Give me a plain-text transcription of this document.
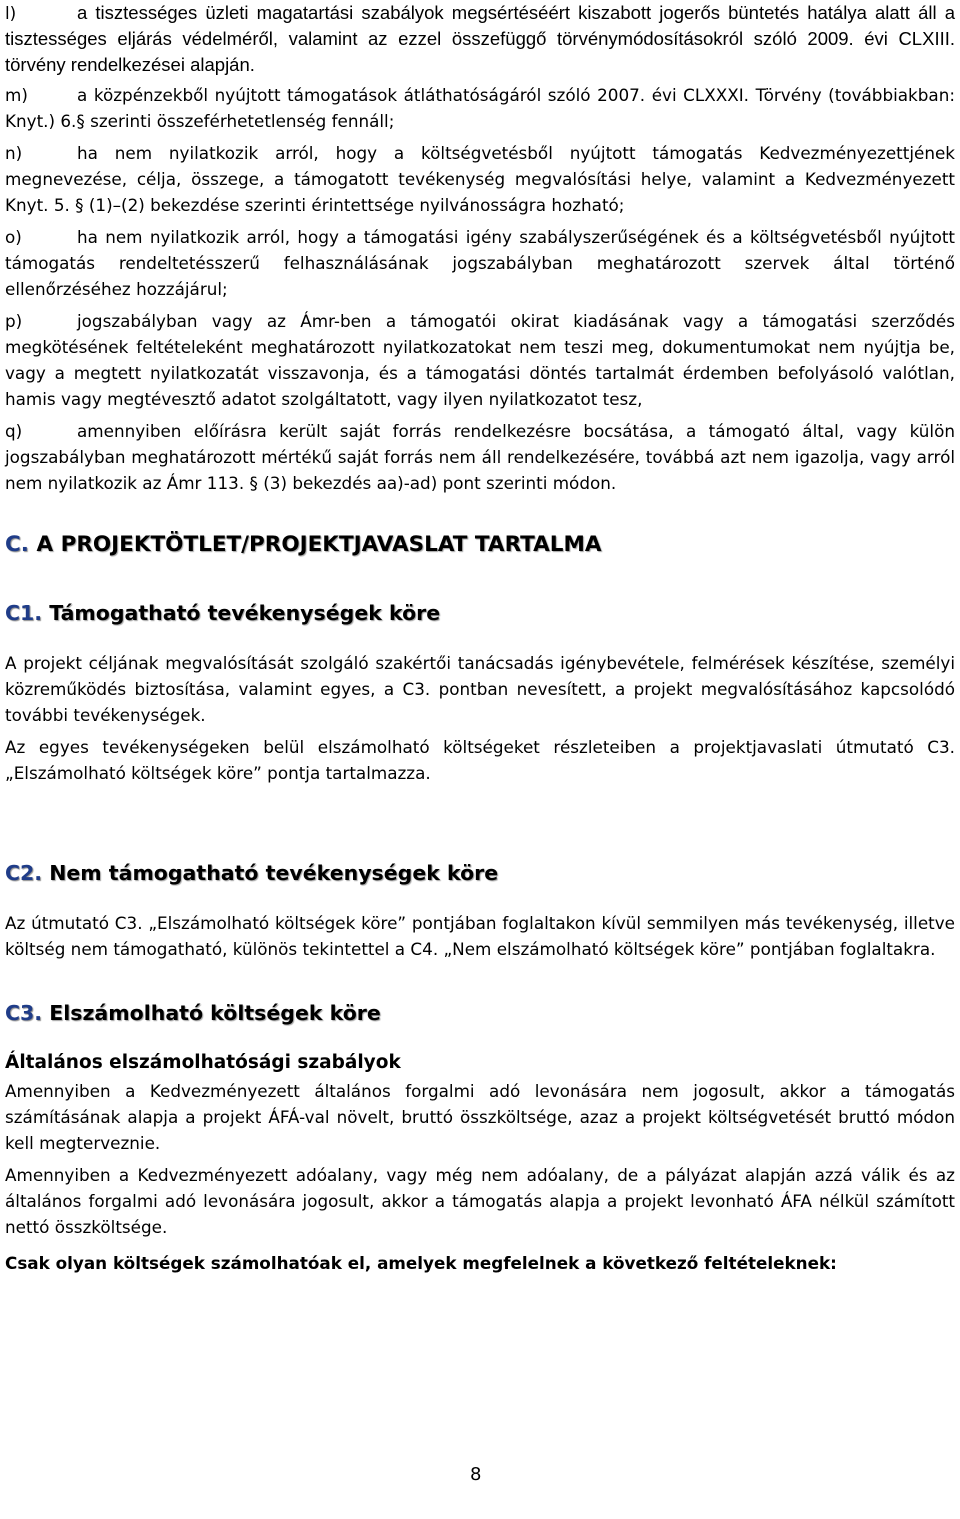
l)	a tisztességes üzleti magatartási szabályok megsértéséért kiszabott jogerős büntetés hatálya alatt áll a tisztességes eljárás védelméről, valamint az ezzel összefüggő törvénymódosításokról szóló 2009. évi CLXIII. törvény rendelkezései alapján.

m)	a közpénzekből nyújtott támogatások átláthatóságáról szóló 2007. évi CLXXXI. Törvény (továbbiakban: Knyt.) 6.§ szerinti összeférhetetlenség fennáll;

n)	ha nem nyilatkozik arról, hogy a költségvetésből nyújtott támogatás Kedvezményezettjének megnevezése, célja, összege, a támogatott tevékenység megvalósítási helye, valamint a Kedvezményezett Knyt. 5. § (1)–(2) bekezdése szerinti érintettsége nyilvánosságra hozható;

o)	ha nem nyilatkozik arról, hogy a támogatási igény szabályszerűségének és a költségvetésből nyújtott támogatás rendeltetésszerű felhasználásának jogszabályban meghatározott szervek által történő ellenőrzéséhez hozzájárul;

p)	jogszabályban vagy az Ámr-ben a támogatói okirat kiadásának vagy a támogatási szerződés megkötésének feltételeként meghatározott nyilatkozatokat nem teszi meg, dokumentumokat nem nyújtja be, vagy a megtett nyilatkozatát visszavonja, és a támogatási döntés tartalmát érdemben befolyásoló valótlan, hamis vagy megtévesztő adatot szolgáltatott, vagy ilyen nyilatkozatot tesz,

q)	amennyiben előírásra került saját forrás rendelkezésre bocsátása, a támogató által, vagy külön jogszabályban meghatározott mértékű saját forrás nem áll rendelkezésére, továbbá azt nem igazolja, vagy arról nem nyilatkozik az Ámr 113. § (3) bekezdés aa)-ad) pont szerinti módon.

C. A PROJEKTÖTLET/PROJEKTJAVASLAT TARTALMA
C1. Támogatható tevékenységek köre

A projekt céljának megvalósítását szolgáló szakértői tanácsadás igénybevétele, felmérések készítése, személyi közreműködés biztosítása, valamint egyes, a C3. pontban nevesített, a projekt megvalósításához kapcsolódó további tevékenységek.

Az egyes tevékenységeken belül elszámolható költségeket részleteiben a projektjavaslati útmutató C3. „Elszámolható költségek köre” pontja tartalmazza.

C2. Nem támogatható tevékenységek köre

Az útmutató C3. „Elszámolható költségek köre” pontjában foglaltakon kívül semmilyen más tevékenység, illetve költség nem támogatható, különös tekintettel a C4. „Nem elszámolható költségek köre” pontjában foglaltakra.

C3. Elszámolható költségek köre
Általános elszámolhatósági szabályok

Amennyiben a Kedvezményezett általános forgalmi adó levonására nem jogosult, akkor a támogatás számításának alapja a projekt ÁFÁ-val növelt, bruttó összköltsége, azaz a projekt költségvetését bruttó módon kell megterveznie.

Amennyiben a Kedvezményezett adóalany, vagy még nem adóalany, de a pályázat alapján azzá válik és az általános forgalmi adó levonására jogosult, akkor a támogatás alapja a projekt levonható ÁFA nélkül számított nettó összköltsége.

Csak olyan költségek számolhatóak el, amelyek megfelelnek a következő feltételeknek:

8
